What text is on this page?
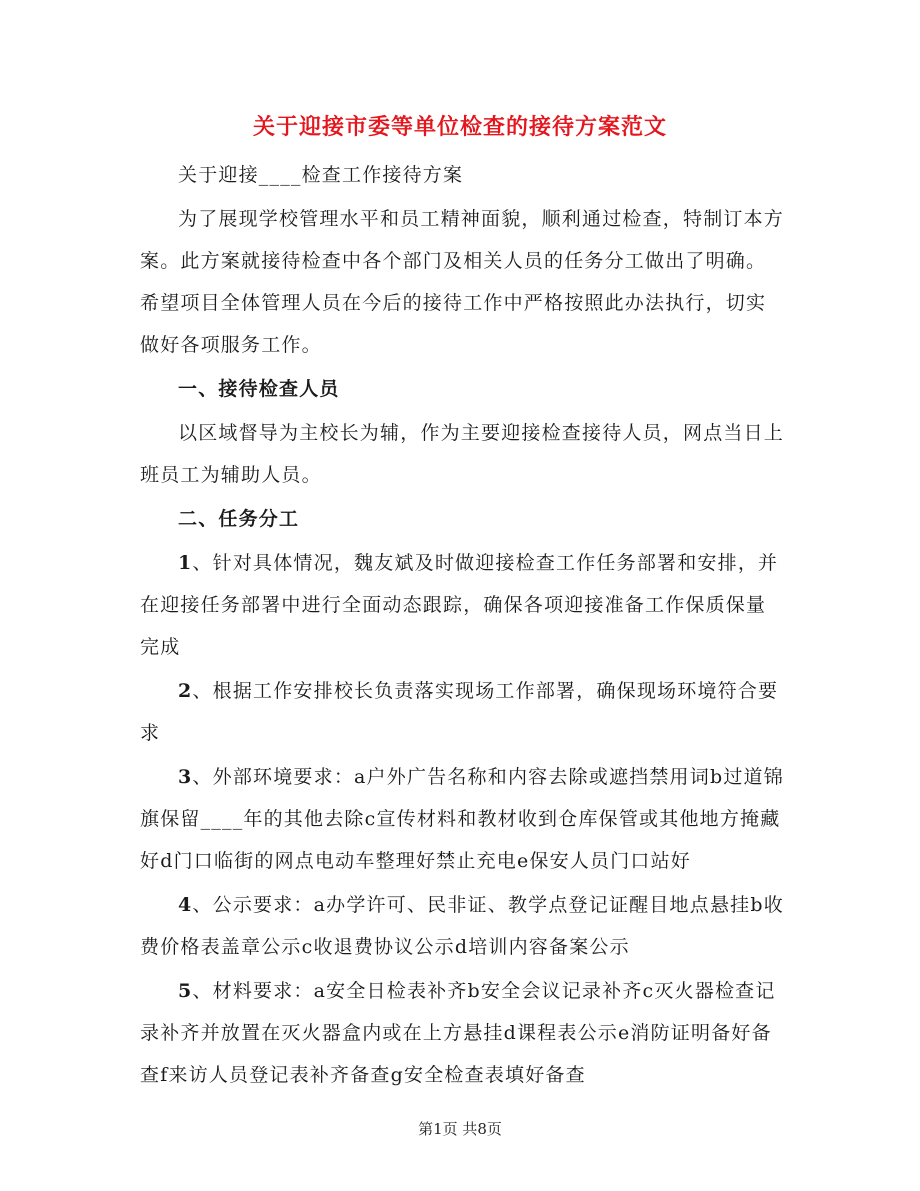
关于迎接市委等单位检查的接待方案范文

关于迎接____检查工作接待方案

为了展现学校管理水平和员工精神面貌，顺利通过检查，特制订本方案。此方案就接待检查中各个部门及相关人员的任务分工做出了明确。希望项目全体管理人员在今后的接待工作中严格按照此办法执行，切实做好各项服务工作。

一、接待检查人员

以区域督导为主校长为辅，作为主要迎接检查接待人员，网点当日上班员工为辅助人员。

二、任务分工

1、针对具体情况，魏友斌及时做迎接检查工作任务部署和安排，并在迎接任务部署中进行全面动态跟踪，确保各项迎接准备工作保质保量完成

2、根据工作安排校长负责落实现场工作部署，确保现场环境符合要求

3、外部环境要求：a户外广告名称和内容去除或遮挡禁用词b过道锦旗保留____年的其他去除c宣传材料和教材收到仓库保管或其他地方掩藏好d门口临街的网点电动车整理好禁止充电e保安人员门口站好

4、公示要求：a办学许可、民非证、教学点登记证醒目地点悬挂b收费价格表盖章公示c收退费协议公示d培训内容备案公示

5、材料要求：a安全日检表补齐b安全会议记录补齐c灭火器检查记录补齐并放置在灭火器盒内或在上方悬挂d课程表公示e消防证明备好备查f来访人员登记表补齐备查g安全检查表填好备查

第1页 共8页
